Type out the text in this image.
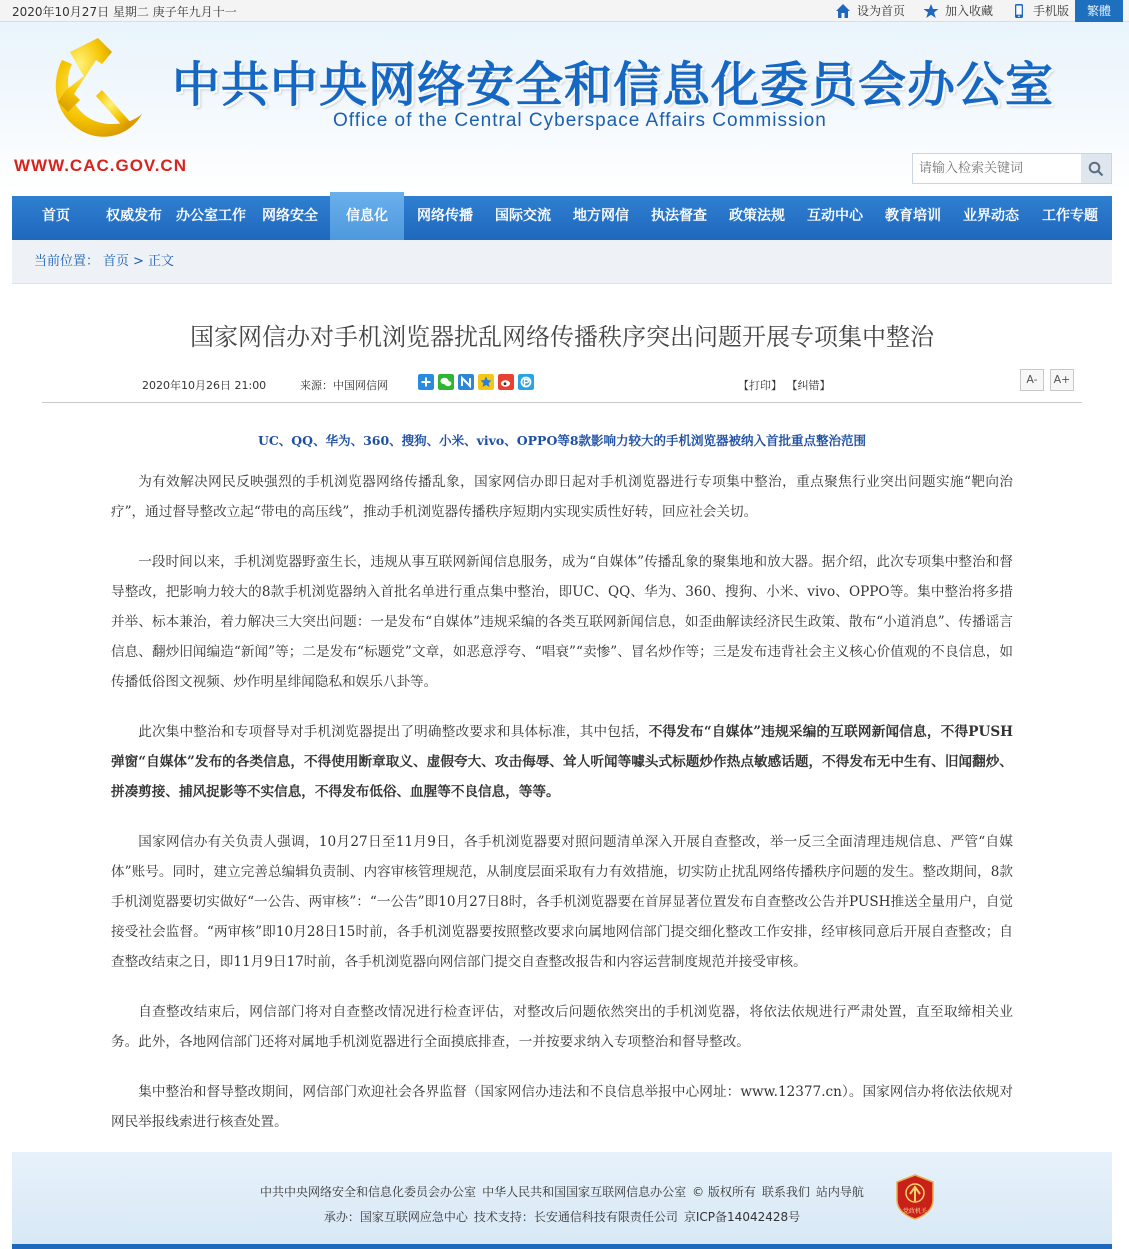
2020年10月27日 星期二 庚子年九月十一	设为首页	加入收藏	手机版	繁體
中共中央网络安全和信息化委员会办公室
Office of the Central Cyberspace Affairs Commission
WWW.CAC.GOV.CN
请输入检索关键词
首页	权威发布	办公室工作	网络安全	信息化	网络传播	国际交流	地方网信	执法督查	政策法规	互动中心	教育培训	业界动态	工作专题
当前位置： 首页 > 正文
国家网信办对手机浏览器扰乱网络传播秩序突出问题开展专项集中整治
2020年10月26日 21:00	来源：中国网信网	【打印】 【纠错】	A-	A+
UC、QQ、华为、360、搜狗、小米、vivo、OPPO等8款影响力较大的手机浏览器被纳入首批重点整治范围

为有效解决网民反映强烈的手机浏览器网络传播乱象，国家网信办即日起对手机浏览器进行专项集中整治，重点聚焦行业突出问题实施“靶向治疗”，通过督导整改立起“带电的高压线”，推动手机浏览器传播秩序短期内实现实质性好转，回应社会关切。

一段时间以来，手机浏览器野蛮生长，违规从事互联网新闻信息服务，成为“自媒体”传播乱象的聚集地和放大器。据介绍，此次专项集中整治和督导整改，把影响力较大的8款手机浏览器纳入首批名单进行重点集中整治，即UC、QQ、华为、360、搜狗、小米、vivo、OPPO等。集中整治将多措并举、标本兼治，着力解决三大突出问题：一是发布“自媒体”违规采编的各类互联网新闻信息，如歪曲解读经济民生政策、散布“小道消息”、传播谣言信息、翻炒旧闻编造“新闻”等；二是发布“标题党”文章，如恶意浮夸、“唱衰”“卖惨”、冒名炒作等；三是发布违背社会主义核心价值观的不良信息，如传播低俗图文视频、炒作明星绯闻隐私和娱乐八卦等。

此次集中整治和专项督导对手机浏览器提出了明确整改要求和具体标准，其中包括，不得发布“自媒体”违规采编的互联网新闻信息，不得PUSH弹窗“自媒体”发布的各类信息，不得使用断章取义、虚假夸大、攻击侮辱、耸人听闻等噱头式标题炒作热点敏感话题，不得发布无中生有、旧闻翻炒、拼凑剪接、捕风捉影等不实信息，不得发布低俗、血腥等不良信息，等等。

国家网信办有关负责人强调，10月27日至11月9日，各手机浏览器要对照问题清单深入开展自查整改，举一反三全面清理违规信息、严管“自媒体”账号。同时，建立完善总编辑负责制、内容审核管理规范，从制度层面采取有力有效措施，切实防止扰乱网络传播秩序问题的发生。整改期间，8款手机浏览器要切实做好“一公告、两审核”：“一公告”即10月27日8时，各手机浏览器要在首屏显著位置发布自查整改公告并PUSH推送全量用户，自觉接受社会监督。“两审核”即10月28日15时前，各手机浏览器要按照整改要求向属地网信部门提交细化整改工作安排，经审核同意后开展自查整改；自查整改结束之日，即11月9日17时前，各手机浏览器向网信部门提交自查整改报告和内容运营制度规范并接受审核。

自查整改结束后，网信部门将对自查整改情况进行检查评估，对整改后问题依然突出的手机浏览器，将依法依规进行严肃处置，直至取缔相关业务。此外，各地网信部门还将对属地手机浏览器进行全面摸底排查，一并按要求纳入专项整治和督导整改。

集中整治和督导整改期间，网信部门欢迎社会各界监督（国家网信办违法和不良信息举报中心网址：www.12377.cn）。国家网信办将依法依规对网民举报线索进行核查处置。

中共中央网络安全和信息化委员会办公室 中华人民共和国国家互联网信息办公室 © 版权所有 联系我们 站内导航
承办：国家互联网应急中心 技术支持：长安通信科技有限责任公司 京ICP备14042428号	党政机关
